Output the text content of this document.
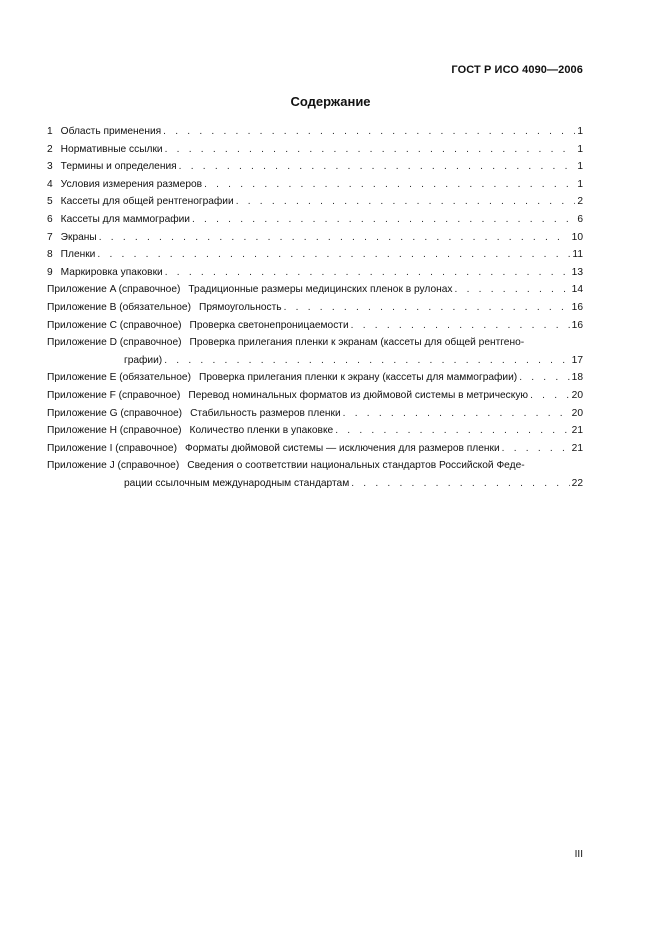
ГОСТ Р ИСО 4090—2006
Содержание
1 Область применения . . .	1
2 Нормативные ссылки . . .	1
3 Термины и определения . . .	1
4 Условия измерения размеров . . .	1
5 Кассеты для общей рентгенографии . . .	2
6 Кассеты для маммографии . . .	6
7 Экраны . . .	10
8 Пленки . . .	11
9 Маркировка упаковки . . .	13
Приложение A (справочное) Традиционные размеры медицинских пленок в рулонах . . .	14
Приложение B (обязательное) Прямоугольность . . .	16
Приложение C (справочное) Проверка светонепроницаемости . . .	16
Приложение D (справочное) Проверка прилегания пленки к экранам (кассеты для общей рентгено-
графии) . . .	17
Приложение E (обязательное) Проверка прилегания пленки к экрану (кассеты для маммографии) . . .	18
Приложение F (справочное) Перевод номинальных форматов из дюймовой системы в метрическую . . .	20
Приложение G (справочное) Стабильность размеров пленки . . .	20
Приложение H (справочное) Количество пленки в упаковке . . .	21
Приложение I (справочное) Форматы дюймовой системы — исключения для размеров пленки . . .	21
Приложение J (справочное) Сведения о соответствии национальных стандартов Российской Феде-
рации ссылочным международным стандартам . . .	22
III
